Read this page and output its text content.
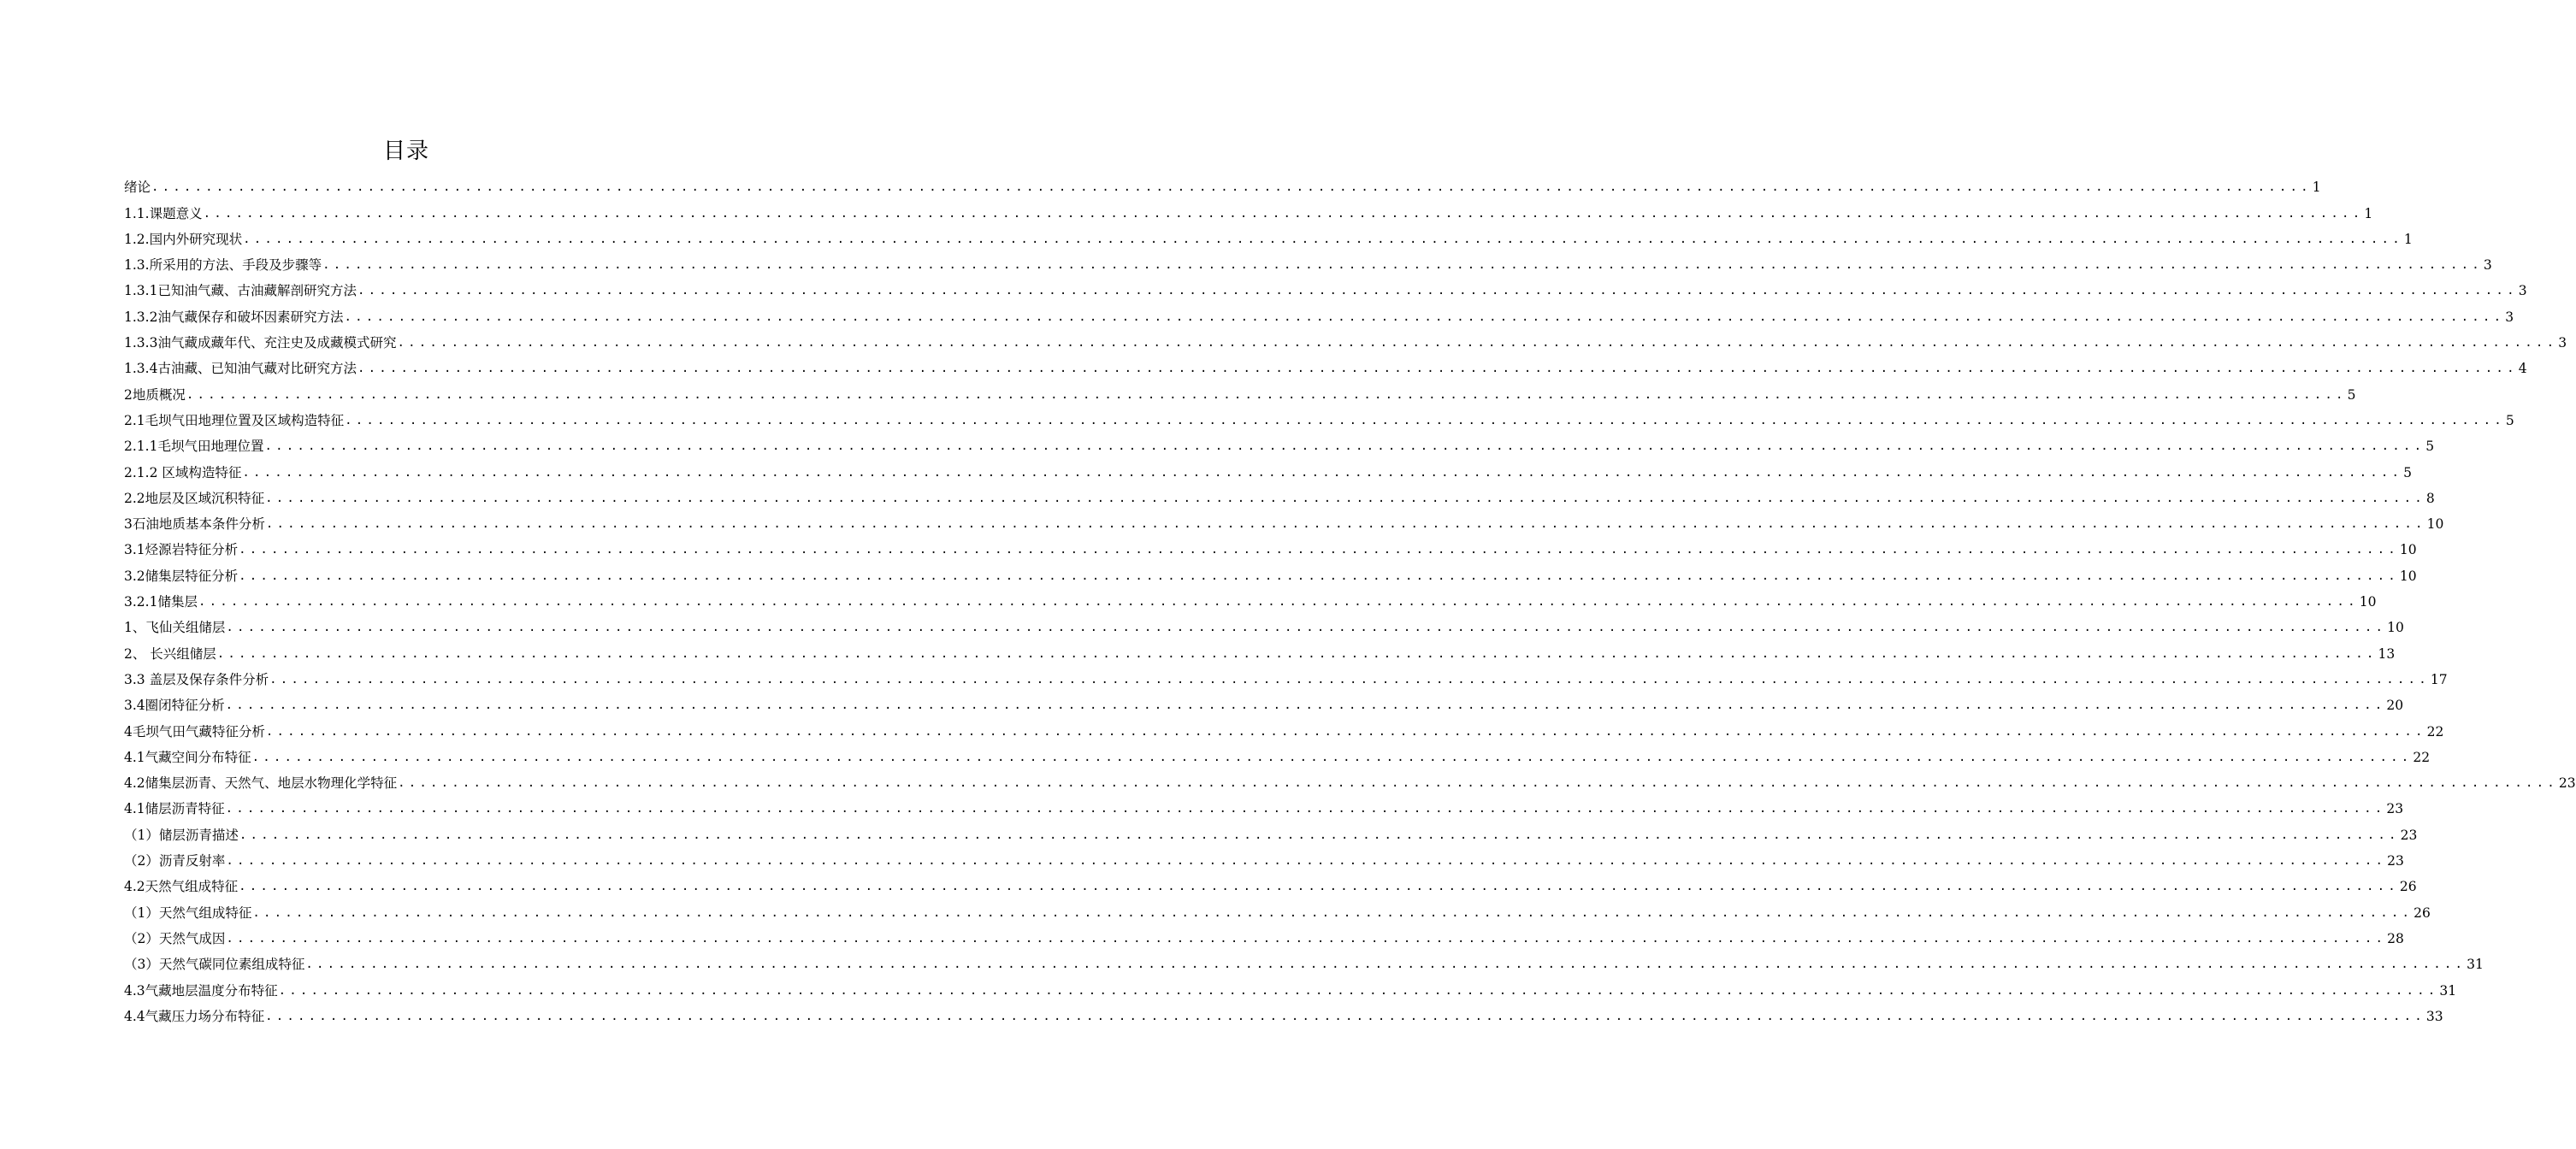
目录
绪论 ........................................................................................................................................................................................................ 1
1.1.课题意义 ........................................................................................................................................................................................................ 1
1.2.国内外研究现状 ........................................................................................................................................................................................................ 1
1.3.所采用的方法、手段及步骤等 ........................................................................................................................................................................................................ 3
1.3.1已知油气藏、古油藏解剖研究方法 ........................................................................................................................................................................................................ 3
1.3.2油气藏保存和破坏因素研究方法 ........................................................................................................................................................................................................ 3
1.3.3油气藏成藏年代、充注史及成藏模式研究 ........................................................................................................................................................................................................ 3
1.3.4古油藏、已知油气藏对比研究方法 ........................................................................................................................................................................................................ 4
2地质概况 ........................................................................................................................................................................................................ 5
2.1毛坝气田地理位置及区域构造特征 ........................................................................................................................................................................................................ 5
2.1.1毛坝气田地理位置 ........................................................................................................................................................................................................ 5
2.1.2 区域构造特征 ........................................................................................................................................................................................................ 5
2.2地层及区域沉积特征 ........................................................................................................................................................................................................ 8
3石油地质基本条件分析 ........................................................................................................................................................................................................ 10
3.1烃源岩特征分析 ........................................................................................................................................................................................................ 10
3.2储集层特征分析 ........................................................................................................................................................................................................ 10
3.2.1储集层 ........................................................................................................................................................................................................ 10
1、飞仙关组储层 ........................................................................................................................................................................................................ 10
2、 长兴组储层 ........................................................................................................................................................................................................ 13
3.3 盖层及保存条件分析 ........................................................................................................................................................................................................ 17
3.4圈闭特征分析 ........................................................................................................................................................................................................ 20
4毛坝气田气藏特征分析 ........................................................................................................................................................................................................ 22
4.1气藏空间分布特征 ........................................................................................................................................................................................................ 22
4.2储集层沥青、天然气、地层水物理化学特征 ........................................................................................................................................................................................................ 23
4.1储层沥青特征 ........................................................................................................................................................................................................ 23
（1）储层沥青描述 ........................................................................................................................................................................................................ 23
（2）沥青反射率 ........................................................................................................................................................................................................ 23
4.2天然气组成特征 ........................................................................................................................................................................................................ 26
（1）天然气组成特征 ........................................................................................................................................................................................................ 26
（2）天然气成因 ........................................................................................................................................................................................................ 28
（3）天然气碳同位素组成特征 ........................................................................................................................................................................................................ 31
4.3气藏地层温度分布特征 ........................................................................................................................................................................................................ 31
4.4气藏压力场分布特征 ........................................................................................................................................................................................................ 33
